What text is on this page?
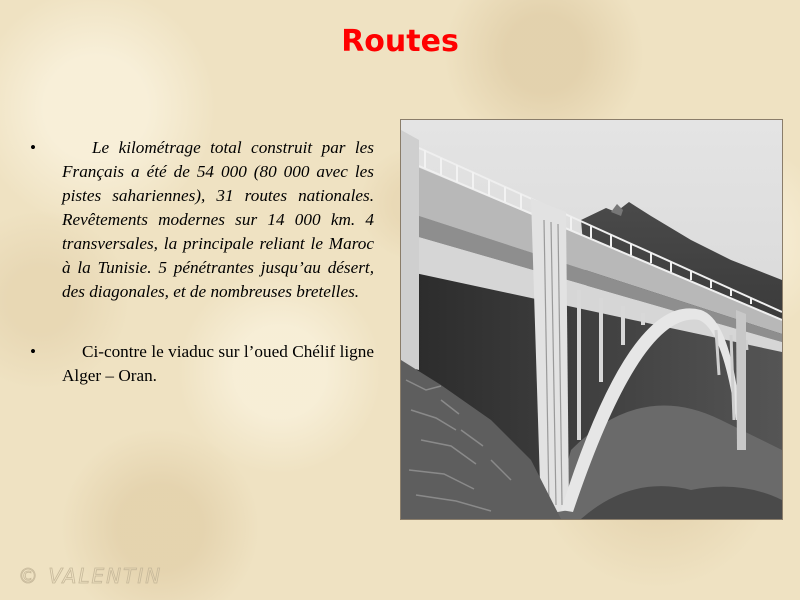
Routes
•	Le kilométrage total construit par les Français a été de 54 000 (80 000 avec les pistes sahariennes), 31 routes nationales. Revêtements modernes sur 14 000 km. 4 transversales, la principale reliant le Maroc à la Tunisie. 5 pénétrantes jusqu’au désert, des diagonales, et de nombreuses bretelles.
•	Ci-contre le viaduc sur l’oued Chélif ligne Alger – Oran.
© VALENTIN
